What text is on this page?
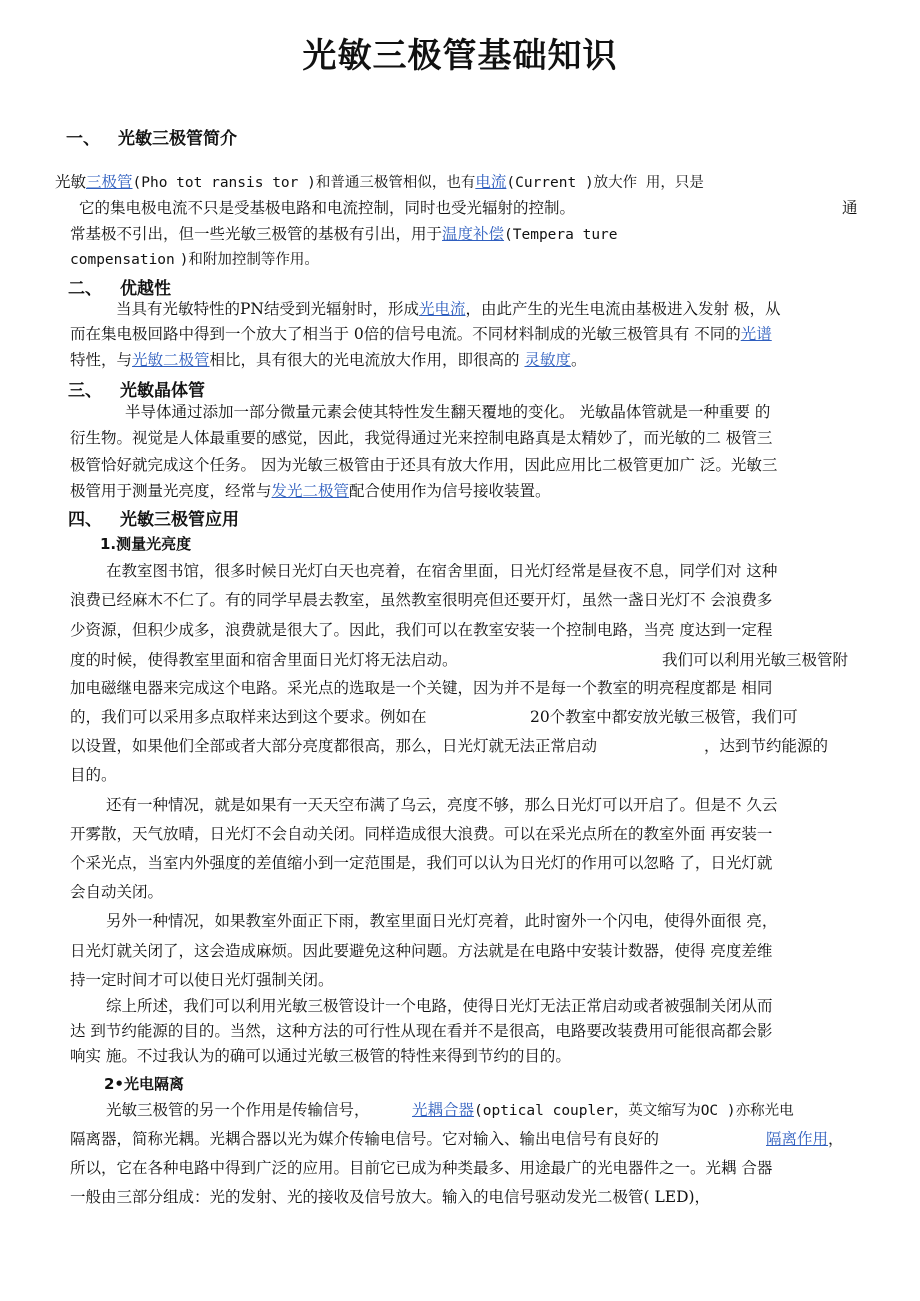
光敏三极管基础知识
一、 光敏三极管简介
光敏三极管(Pho tot ransis tor )和普通三极管相似，也有电流(Current )放大作 用，只是
它的集电极电流不只是受基极电路和电流控制，同时也受光辐射的控制。	通
常基极不引出，但一些光敏三极管的基极有引出，用于温度补偿(Tempera ture
compensation )和附加控制等作用。
二、 优越性
当具有光敏特性的PN结受到光辐射时，形成光电流，由此产生的光生电流由基极进入发射 极，从
而在集电极回路中得到一个放大了相当于 0倍的信号电流。不同材料制成的光敏三极管具有 不同的光谱
特性，与光敏二极管相比，具有很大的光电流放大作用，即很高的 灵敏度。
三、 光敏晶体管
半导体通过添加一部分微量元素会使其特性发生翻天覆地的变化。 光敏晶体管就是一种重要 的
衍生物。视觉是人体最重要的感觉，因此，我觉得通过光来控制电路真是太精妙了，而光敏的二 极管三
极管恰好就完成这个任务。 因为光敏三极管由于还具有放大作用，因此应用比二极管更加广 泛。光敏三
极管用于测量光亮度，经常与发光二极管配合使用作为信号接收装置。
四、 光敏三极管应用
1.测量光亮度
在教室图书馆，很多时候日光灯白天也亮着，在宿舍里面，日光灯经常是昼夜不息，同学们对 这种
浪费已经麻木不仁了。有的同学早晨去教室，虽然教室很明亮但还要开灯，虽然一盏日光灯不 会浪费多
少资源，但积少成多，浪费就是很大了。因此，我们可以在教室安装一个控制电路，当亮 度达到一定程
度的时候，使得教室里面和宿舍里面日光灯将无法启动。	我们可以利用光敏三极管附
加电磁继电器来完成这个电路。采光点的选取是一个关键，因为并不是每一个教室的明亮程度都是 相同
的，我们可以采用多点取样来达到这个要求。例如在	20个教室中都安放光敏三极管，我们可
以设置，如果他们全部或者大部分亮度都很高，那么，日光灯就无法正常启动	，达到节约能源的
目的。
还有一种情况，就是如果有一天天空布满了乌云，亮度不够，那么日光灯可以开启了。但是不 久云
开雾散，天气放晴，日光灯不会自动关闭。同样造成很大浪费。可以在采光点所在的教室外面 再安装一
个采光点，当室内外强度的差值缩小到一定范围是，我们可以认为日光灯的作用可以忽略 了，日光灯就
会自动关闭。
另外一种情况，如果教室外面正下雨，教室里面日光灯亮着，此时窗外一个闪电，使得外面很 亮，
日光灯就关闭了，这会造成麻烦。因此要避免这种问题。方法就是在电路中安装计数器，使得 亮度差维
持一定时间才可以使日光灯强制关闭。
综上所述，我们可以利用光敏三极管设计一个电路，使得日光灯无法正常启动或者被强制关闭从而
达 到节约能源的目的。当然，这种方法的可行性从现在看并不是很高，电路要改装费用可能很高都会影
响实 施。不过我认为的确可以通过光敏三极管的特性来得到节约的目的。
2•光电隔离
光敏三极管的另一个作用是传输信号，	光耦合器(optical coupler，英文缩写为OC )亦称光电
隔离器，简称光耦。光耦合器以光为媒介传输电信号。它对输入、输出电信号有良好的	隔离作用，
所以，它在各种电路中得到广泛的应用。目前它已成为种类最多、用途最广的光电器件之一。光耦 合器
一般由三部分组成：光的发射、光的接收及信号放大。输入的电信号驱动发光二极管( LED)，
